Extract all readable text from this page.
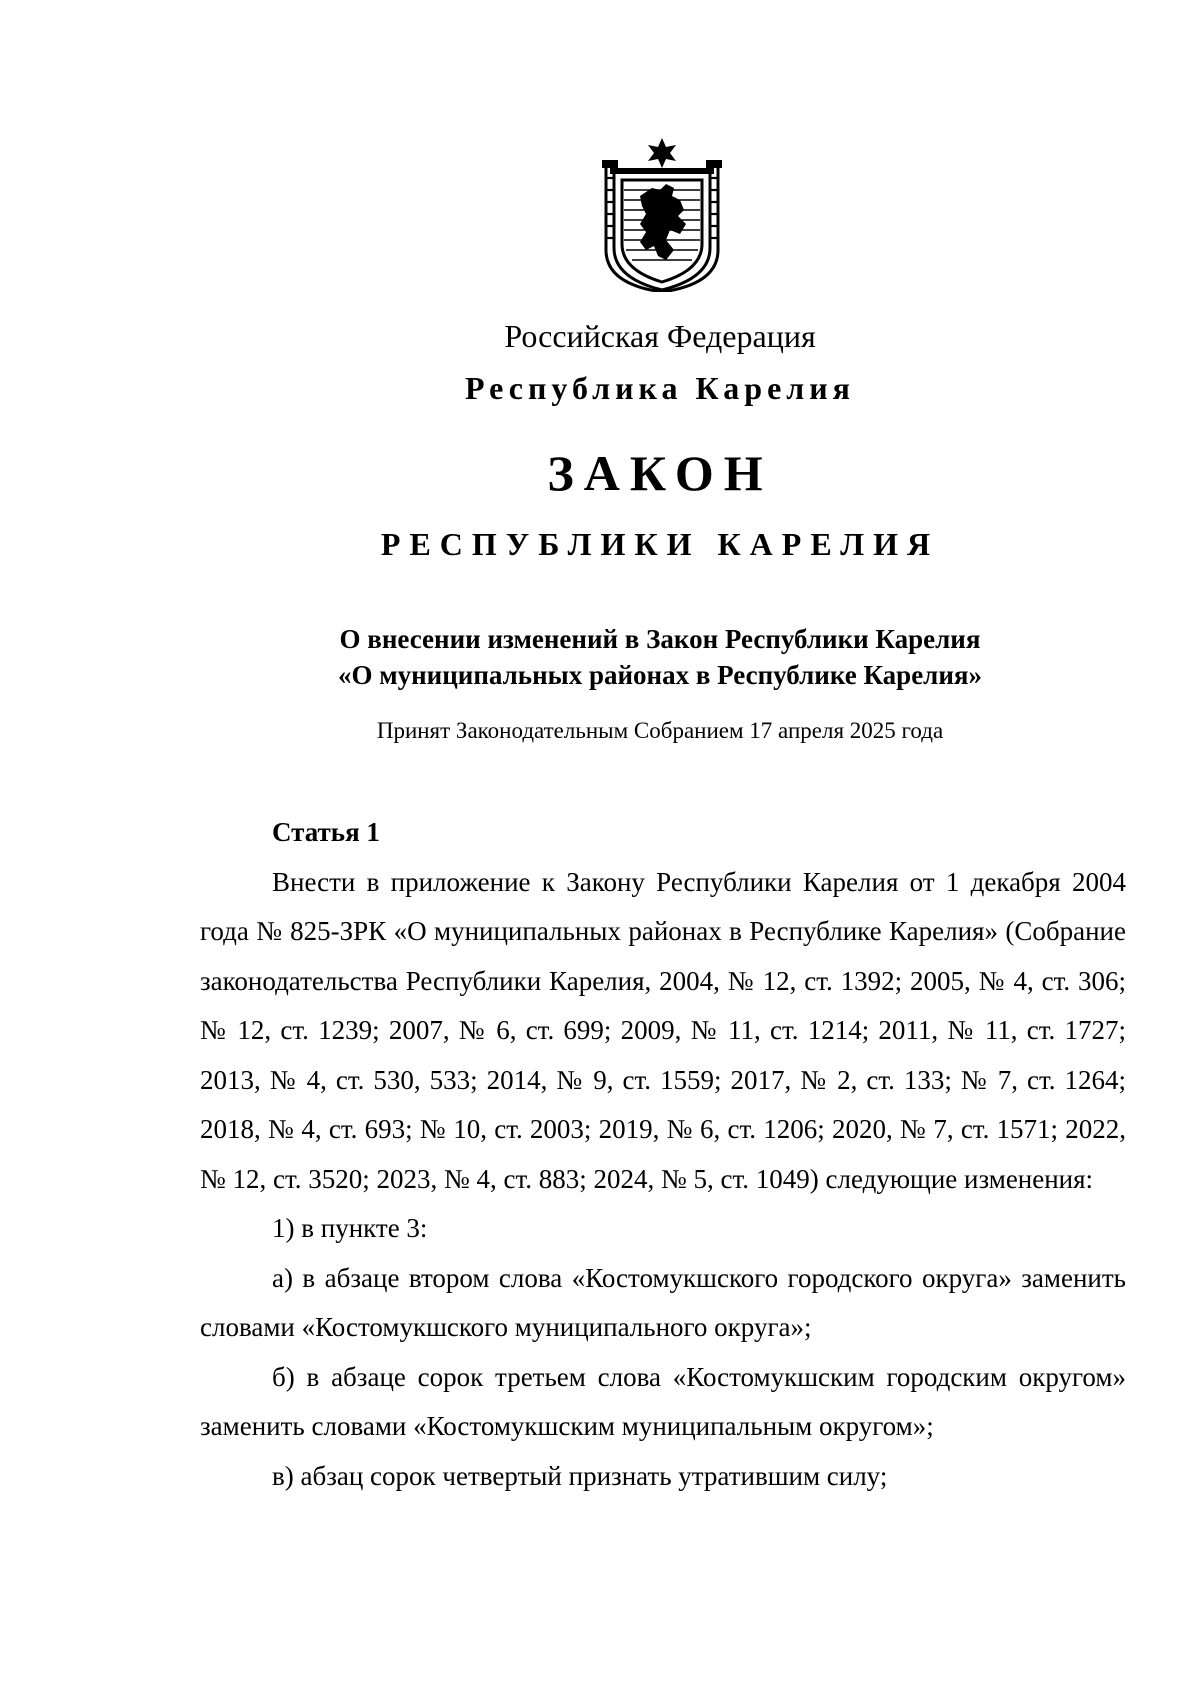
Российская Федерация
Республика Карелия
ЗАКОН
РЕСПУБЛИКИ КАРЕЛИЯ
О внесении изменений в Закон Республики Карелия
«О муниципальных районах в Республике Карелия»
Принят Законодательным Собранием 17 апреля 2025 года
Статья 1

Внести в приложение к Закону Республики Карелия от 1 декабря 2004 года № 825-ЗРК «О муниципальных районах в Республике Карелия» (Собрание законодательства Республики Карелия, 2004, № 12, ст. 1392; 2005, № 4, ст. 306; № 12, ст. 1239; 2007, № 6, ст. 699; 2009, № 11, ст. 1214; 2011, № 11, ст. 1727; 2013, № 4, ст. 530, 533; 2014, № 9, ст. 1559; 2017, № 2, ст. 133; № 7, ст. 1264; 2018, № 4, ст. 693; № 10, ст. 2003; 2019, № 6, ст. 1206; 2020, № 7, ст. 1571; 2022, № 12, ст. 3520; 2023, № 4, ст. 883; 2024, № 5, ст. 1049) следующие изменения:

1) в пункте 3:

а) в абзаце втором слова «Костомукшского городского округа» заменить словами «Костомукшского муниципального округа»;

б) в абзаце сорок третьем слова «Костомукшским городским округом» заменить словами «Костомукшским муниципальным округом»;

в) абзац сорок четвертый признать утратившим силу;
